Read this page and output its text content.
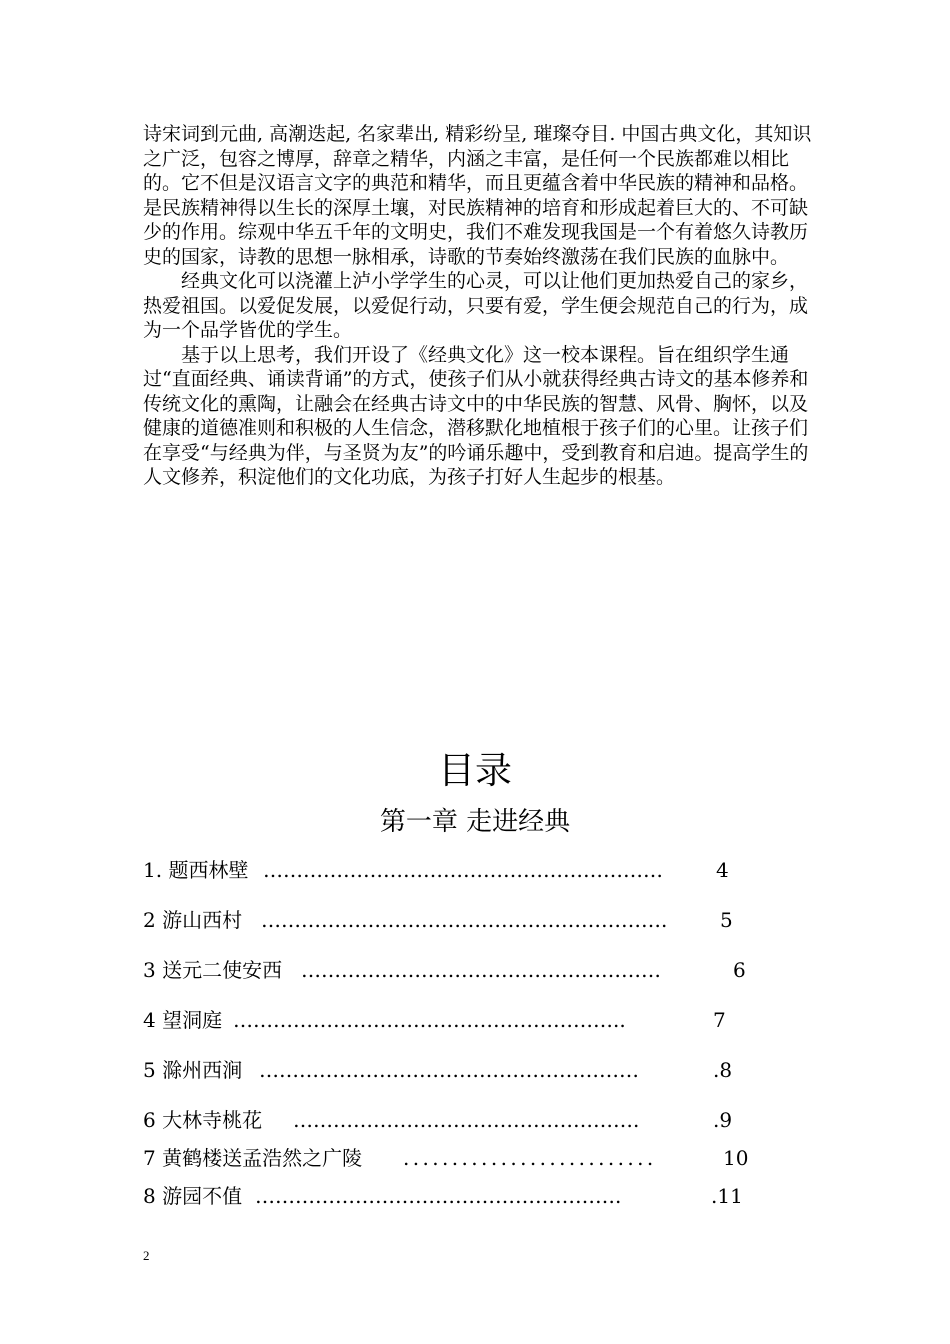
诗宋词到元曲, 高潮迭起, 名家辈出, 精彩纷呈, 璀璨夺目. 中国古典文化，其知识之广泛，包容之博厚，辞章之精华，内涵之丰富，是任何一个民族都难以相比的。它不但是汉语言文字的典范和精华，而且更蕴含着中华民族的精神和品格。是民族精神得以生长的深厚土壤，对民族精神的培育和形成起着巨大的、不可缺少的作用。综观中华五千年的文明史，我们不难发现我国是一个有着悠久诗教历史的国家，诗教的思想一脉相承，诗歌的节奏始终激荡在我们民族的血脉中。

经典文化可以浇灌上泸小学学生的心灵，可以让他们更加热爱自己的家乡，热爱祖国。以爱促发展，以爱促行动，只要有爱，学生便会规范自己的行为，成为一个品学皆优的学生。

基于以上思考，我们开设了《经典文化》这一校本课程。旨在组织学生通过“直面经典、诵读背诵”的方式，使孩子们从小就获得经典古诗文的基本修养和传统文化的熏陶，让融会在经典古诗文中的中华民族的智慧、风骨、胸怀，以及健康的道德准则和积极的人生信念，潜移默化地植根于孩子们的心里。让孩子们在享受“与经典为伴，与圣贤为友”的吟诵乐趣中，受到教育和启迪。提高学生的人文修养，积淀他们的文化功底，为孩子打好人生起步的根基。

目录
第一章 走进经典
1. 题西林壁 ……………………………………………………	4
2 游山西村 …………………………………………………….	5
3 送元二使安西 ………………………………………………	6
4 望洞庭 …………………………………………………..	7
5 滁州西涧 …………………………………………………	.8
6 大林寺桃花 …………………………………………….	.9
7 黄鹤楼送孟浩然之广陵 ..........................	10
8 游园不值 ……………………………………………….	.11
2
